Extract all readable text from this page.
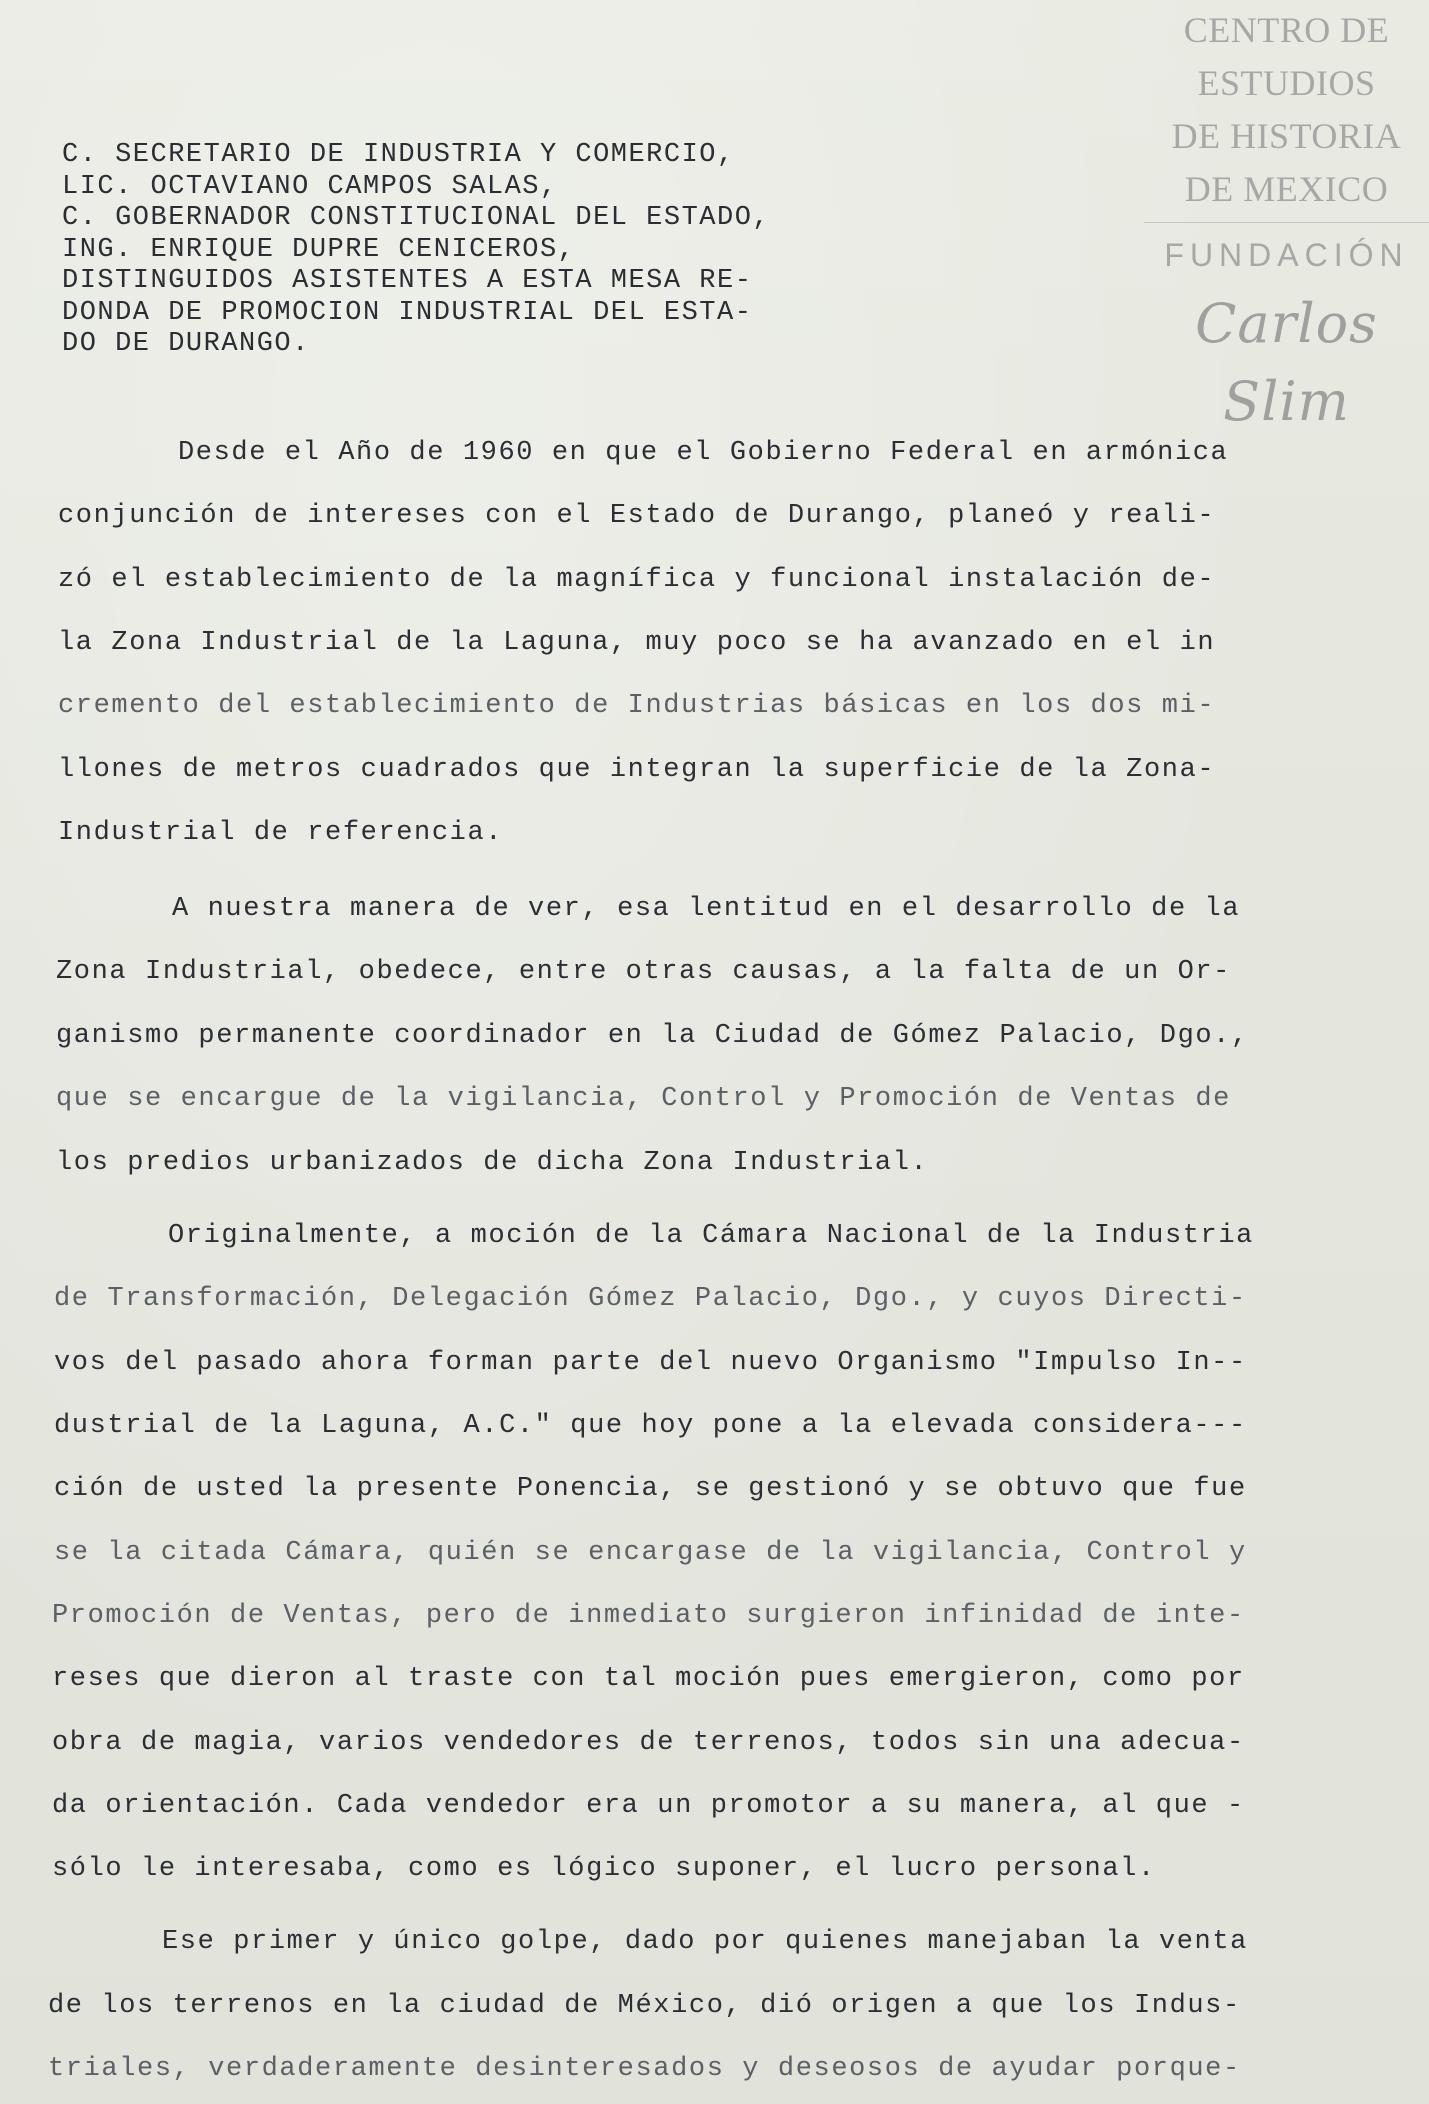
CENTRO DE
ESTUDIOS
DE HISTORIA
DE MEXICO
FUNDACIÓN
Carlos Slim
C. SECRETARIO DE INDUSTRIA Y COMERCIO,
LIC. OCTAVIANO CAMPOS SALAS,
C. GOBERNADOR CONSTITUCIONAL DEL ESTADO,
ING. ENRIQUE DUPRE CENICEROS,
DISTINGUIDOS ASISTENTES A ESTA MESA RE-
DONDA DE PROMOCION INDUSTRIAL DEL ESTA-
DO DE DURANGO.
Desde el Año de 1960 en que el Gobierno Federal en armónica
conjunción de intereses con el Estado de Durango, planeó y reali-
zó el establecimiento de la magnífica y funcional instalación de-
la Zona Industrial de la Laguna, muy poco se ha avanzado en el in
cremento del establecimiento de Industrias básicas en los dos mi-
llones de metros cuadrados que integran la superficie de la Zona-
Industrial de referencia.
A nuestra manera de ver, esa lentitud en el desarrollo de la
Zona Industrial, obedece, entre otras causas, a la falta de un Or-
ganismo permanente coordinador en la Ciudad de Gómez Palacio, Dgo.,
que se encargue de la vigilancia, Control y Promoción de Ventas de
los predios urbanizados de dicha Zona Industrial.
Originalmente, a moción de la Cámara Nacional de la Industria
de Transformación, Delegación Gómez Palacio, Dgo., y cuyos Directi-
vos del pasado ahora forman parte del nuevo Organismo "Impulso In--
dustrial de la Laguna, A.C." que hoy pone a la elevada considera---
ción de usted la presente Ponencia, se gestionó y se obtuvo que fue
se la citada Cámara, quién se encargase de la vigilancia, Control y
Promoción de Ventas, pero de inmediato surgieron infinidad de inte-
reses que dieron al traste con tal moción pues emergieron, como por
obra de magia, varios vendedores de terrenos, todos sin una adecua-
da orientación. Cada vendedor era un promotor a su manera, al que -
sólo le interesaba, como es lógico suponer, el lucro personal.
Ese primer y único golpe, dado por quienes manejaban la venta
de los terrenos en la ciudad de México, dió origen a que los Indus-
triales, verdaderamente desinteresados y deseosos de ayudar porque-
